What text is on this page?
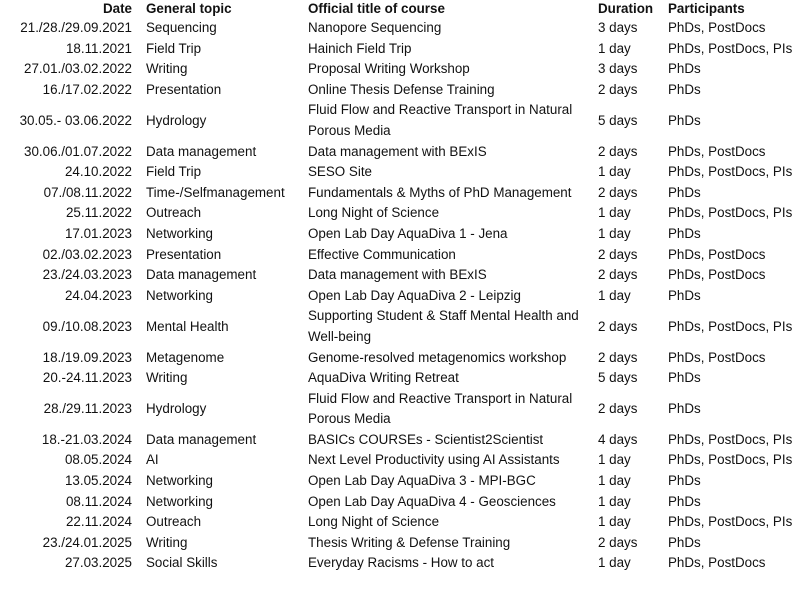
Date	General topic	Official title of course	Duration	Participants
21./28./29.09.2021	Sequencing	Nanopore Sequencing	3 days	PhDs, PostDocs
18.11.2021	Field Trip	Hainich Field Trip	1 day	PhDs, PostDocs, PIs
27.01./03.02.2022	Writing	Proposal Writing Workshop	3 days	PhDs
16./17.02.2022	Presentation	Online Thesis Defense Training	2 days	PhDs
30.05.- 03.06.2022	Hydrology	Fluid Flow and Reactive Transport in Natural Porous Media	5 days	PhDs
30.06./01.07.2022	Data management	Data management with BExIS	2 days	PhDs, PostDocs
24.10.2022	Field Trip	SESO Site	1 day	PhDs, PostDocs, PIs
07./08.11.2022	Time-/Selfmanagement	Fundamentals & Myths of PhD Management	2 days	PhDs
25.11.2022	Outreach	Long Night of Science	1 day	PhDs, PostDocs, PIs
17.01.2023	Networking	Open Lab Day AquaDiva 1 - Jena	1 day	PhDs
02./03.02.2023	Presentation	Effective Communication	2 days	PhDs, PostDocs
23./24.03.2023	Data management	Data management with BExIS	2 days	PhDs, PostDocs
24.04.2023	Networking	Open Lab Day AquaDiva 2 - Leipzig	1 day	PhDs
09./10.08.2023	Mental Health	Supporting Student & Staff Mental Health and Well-being	2 days	PhDs, PostDocs, PIs
18./19.09.2023	Metagenome	Genome-resolved metagenomics workshop	2 days	PhDs, PostDocs
20.-24.11.2023	Writing	AquaDiva Writing Retreat	5 days	PhDs
28./29.11.2023	Hydrology	Fluid Flow and Reactive Transport in Natural Porous Media	2 days	PhDs
18.-21.03.2024	Data management	BASICs COURSEs - Scientist2Scientist	4 days	PhDs, PostDocs, PIs
08.05.2024	AI	Next Level Productivity using AI Assistants	1 day	PhDs, PostDocs, PIs
13.05.2024	Networking	Open Lab Day AquaDiva 3 - MPI-BGC	1 day	PhDs
08.11.2024	Networking	Open Lab Day AquaDiva 4 - Geosciences	1 day	PhDs
22.11.2024	Outreach	Long Night of Science	1 day	PhDs, PostDocs, PIs
23./24.01.2025	Writing	Thesis Writing & Defense Training	2 days	PhDs
27.03.2025	Social Skills	Everyday Racisms - How to act	1 day	PhDs, PostDocs
